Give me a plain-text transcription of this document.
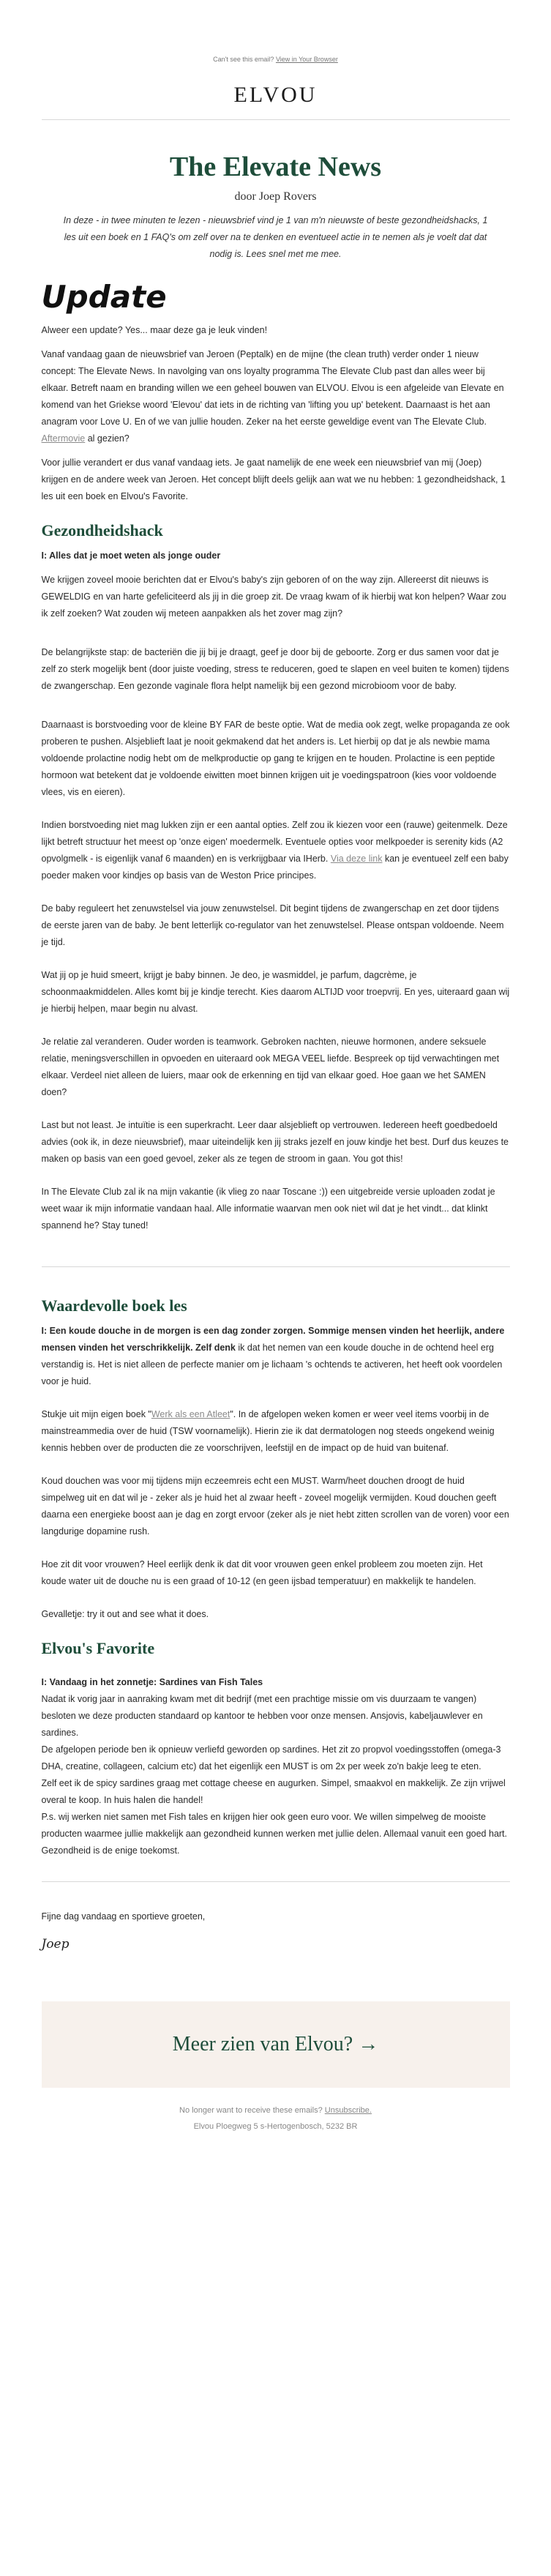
Can't see this email? View in Your Browser
ELVOU
The Elevate News
door Joep Rovers
In deze - in twee minuten te lezen - nieuwsbrief vind je 1 van m'n nieuwste of beste gezondheidshacks, 1 les uit een boek en 1 FAQ's om zelf over na te denken en eventueel actie in te nemen als je voelt dat dat nodig is. Lees snel met me mee.
Update

Alweer een update? Yes... maar deze ga je leuk vinden!

Vanaf vandaag gaan de nieuwsbrief van Jeroen (Peptalk) en de mijne (the clean truth) verder onder 1 nieuw concept: The Elevate News. In navolging van ons loyalty programma The Elevate Club past dan alles weer bij elkaar. Betreft naam en branding willen we een geheel bouwen van ELVOU. Elvou is een afgeleide van Elevate en komend van het Griekse woord 'Elevou' dat iets in de richting van 'lifting you up' betekent. Daarnaast is het aan anagram voor Love U. En of we van jullie houden. Zeker na het eerste geweldige event van The Elevate Club. Aftermovie al gezien?

Voor jullie verandert er dus vanaf vandaag iets. Je gaat namelijk de ene week een nieuwsbrief van mij (Joep) krijgen en de andere week van Jeroen. Het concept blijft deels gelijk aan wat we nu hebben: 1 gezondheidshack, 1 les uit een boek en Elvou's Favorite.

Gezondheidshack

I: Alles dat je moet weten als jonge ouder

We krijgen zoveel mooie berichten dat er Elvou's baby's zijn geboren of on the way zijn. Allereerst dit nieuws is GEWELDIG en van harte gefeliciteerd als jij in die groep zit. De vraag kwam of ik hierbij wat kon helpen? Waar zou ik zelf zoeken? Wat zouden wij meteen aanpakken als het zover mag zijn?

De belangrijkste stap: de bacteriën die jij bij je draagt, geef je door bij de geboorte. Zorg er dus samen voor dat je zelf zo sterk mogelijk bent (door juiste voeding, stress te reduceren, goed te slapen en veel buiten te komen) tijdens de zwangerschap. Een gezonde vaginale flora helpt namelijk bij een gezond microbioom voor de baby.

Daarnaast is borstvoeding voor de kleine BY FAR de beste optie. Wat de media ook zegt, welke propaganda ze ook proberen te pushen. Alsjeblieft laat je nooit gekmakend dat het anders is. Let hierbij op dat je als newbie mama voldoende prolactine nodig hebt om de melkproductie op gang te krijgen en te houden. Prolactine is een peptide hormoon wat betekent dat je voldoende eiwitten moet binnen krijgen uit je voedingspatroon (kies voor voldoende vlees, vis en eieren).

Indien borstvoeding niet mag lukken zijn er een aantal opties. Zelf zou ik kiezen voor een (rauwe) geitenmelk. Deze lijkt betreft structuur het meest op 'onze eigen' moedermelk. Eventuele opties voor melkpoeder is serenity kids (A2 opvolgmelk - is eigenlijk vanaf 6 maanden) en is verkrijgbaar via IHerb. Via deze link kan je eventueel zelf een baby poeder maken voor kindjes op basis van de Weston Price principes.

De baby reguleert het zenuwstelsel via jouw zenuwstelsel. Dit begint tijdens de zwangerschap en zet door tijdens de eerste jaren van de baby. Je bent letterlijk co-regulator van het zenuwstelsel. Please ontspan voldoende. Neem je tijd.

Wat jij op je huid smeert, krijgt je baby binnen. Je deo, je wasmiddel, je parfum, dagcrème, je schoonmaakmiddelen. Alles komt bij je kindje terecht. Kies daarom ALTIJD voor troepvrij. En yes, uiteraard gaan wij je hierbij helpen, maar begin nu alvast.

Je relatie zal veranderen. Ouder worden is teamwork. Gebroken nachten, nieuwe hormonen, andere seksuele relatie, meningsverschillen in opvoeden en uiteraard ook MEGA VEEL liefde. Bespreek op tijd verwachtingen met elkaar. Verdeel niet alleen de luiers, maar ook de erkenning en tijd van elkaar goed. Hoe gaan we het SAMEN doen?

Last but not least. Je intuïtie is een superkracht. Leer daar alsjeblieft op vertrouwen. Iedereen heeft goedbedoeld advies (ook ik, in deze nieuwsbrief), maar uiteindelijk ken jij straks jezelf en jouw kindje het best. Durf dus keuzes te maken op basis van een goed gevoel, zeker als ze tegen de stroom in gaan. You got this!

In The Elevate Club zal ik na mijn vakantie (ik vlieg zo naar Toscane :)) een uitgebreide versie uploaden zodat je weet waar ik mijn informatie vandaan haal. Alle informatie waarvan men ook niet wil dat je het vindt... dat klinkt spannend he? Stay tuned!

Waardevolle boek les

I: Een koude douche in de morgen is een dag zonder zorgen. Sommige mensen vinden het heerlijk, andere mensen vinden het verschrikkelijk. Zelf denk ik dat het nemen van een koude douche in de ochtend heel erg verstandig is. Het is niet alleen de perfecte manier om je lichaam 's ochtends te activeren, het heeft ook voordelen voor je huid.

Stukje uit mijn eigen boek "Werk als een Atleet". In de afgelopen weken komen er weer veel items voorbij in de mainstreammedia over de huid (TSW voornamelijk). Hierin zie ik dat dermatologen nog steeds ongekend weinig kennis hebben over de producten die ze voorschrijven, leefstijl en de impact op de huid van buitenaf.

Koud douchen was voor mij tijdens mijn eczeemreis echt een MUST. Warm/heet douchen droogt de huid simpelweg uit en dat wil je - zeker als je huid het al zwaar heeft - zoveel mogelijk vermijden. Koud douchen geeft daarna een energieke boost aan je dag en zorgt ervoor (zeker als je niet hebt zitten scrollen van de voren) voor een langdurige dopamine rush.

Hoe zit dit voor vrouwen? Heel eerlijk denk ik dat dit voor vrouwen geen enkel probleem zou moeten zijn. Het koude water uit de douche nu is een graad of 10-12 (en geen ijsbad temperatuur) en makkelijk te handelen.

Gevalletje: try it out and see what it does.

Elvou's Favorite

I: Vandaag in het zonnetje: Sardines van Fish Tales

Nadat ik vorig jaar in aanraking kwam met dit bedrijf (met een prachtige missie om vis duurzaam te vangen) besloten we deze producten standaard op kantoor te hebben voor onze mensen. Ansjovis, kabeljauwlever en sardines.

De afgelopen periode ben ik opnieuw verliefd geworden op sardines. Het zit zo propvol voedingsstoffen (omega-3 DHA, creatine, collageen, calcium etc) dat het eigenlijk een MUST is om 2x per week zo'n bakje leeg te eten.

Zelf eet ik de spicy sardines graag met cottage cheese en augurken. Simpel, smaakvol en makkelijk. Ze zijn vrijwel overal te koop. In huis halen die handel!

P.s. wij werken niet samen met Fish tales en krijgen hier ook geen euro voor. We willen simpelweg de mooiste producten waarmee jullie makkelijk aan gezondheid kunnen werken met jullie delen. Allemaal vanuit een goed hart. Gezondheid is de enige toekomst.

Fijne dag vandaag en sportieve groeten,

Joep
Meer zien van Elvou? →
No longer want to receive these emails? Unsubscribe.
Elvou Ploegweg 5 s-Hertogenbosch, 5232 BR
